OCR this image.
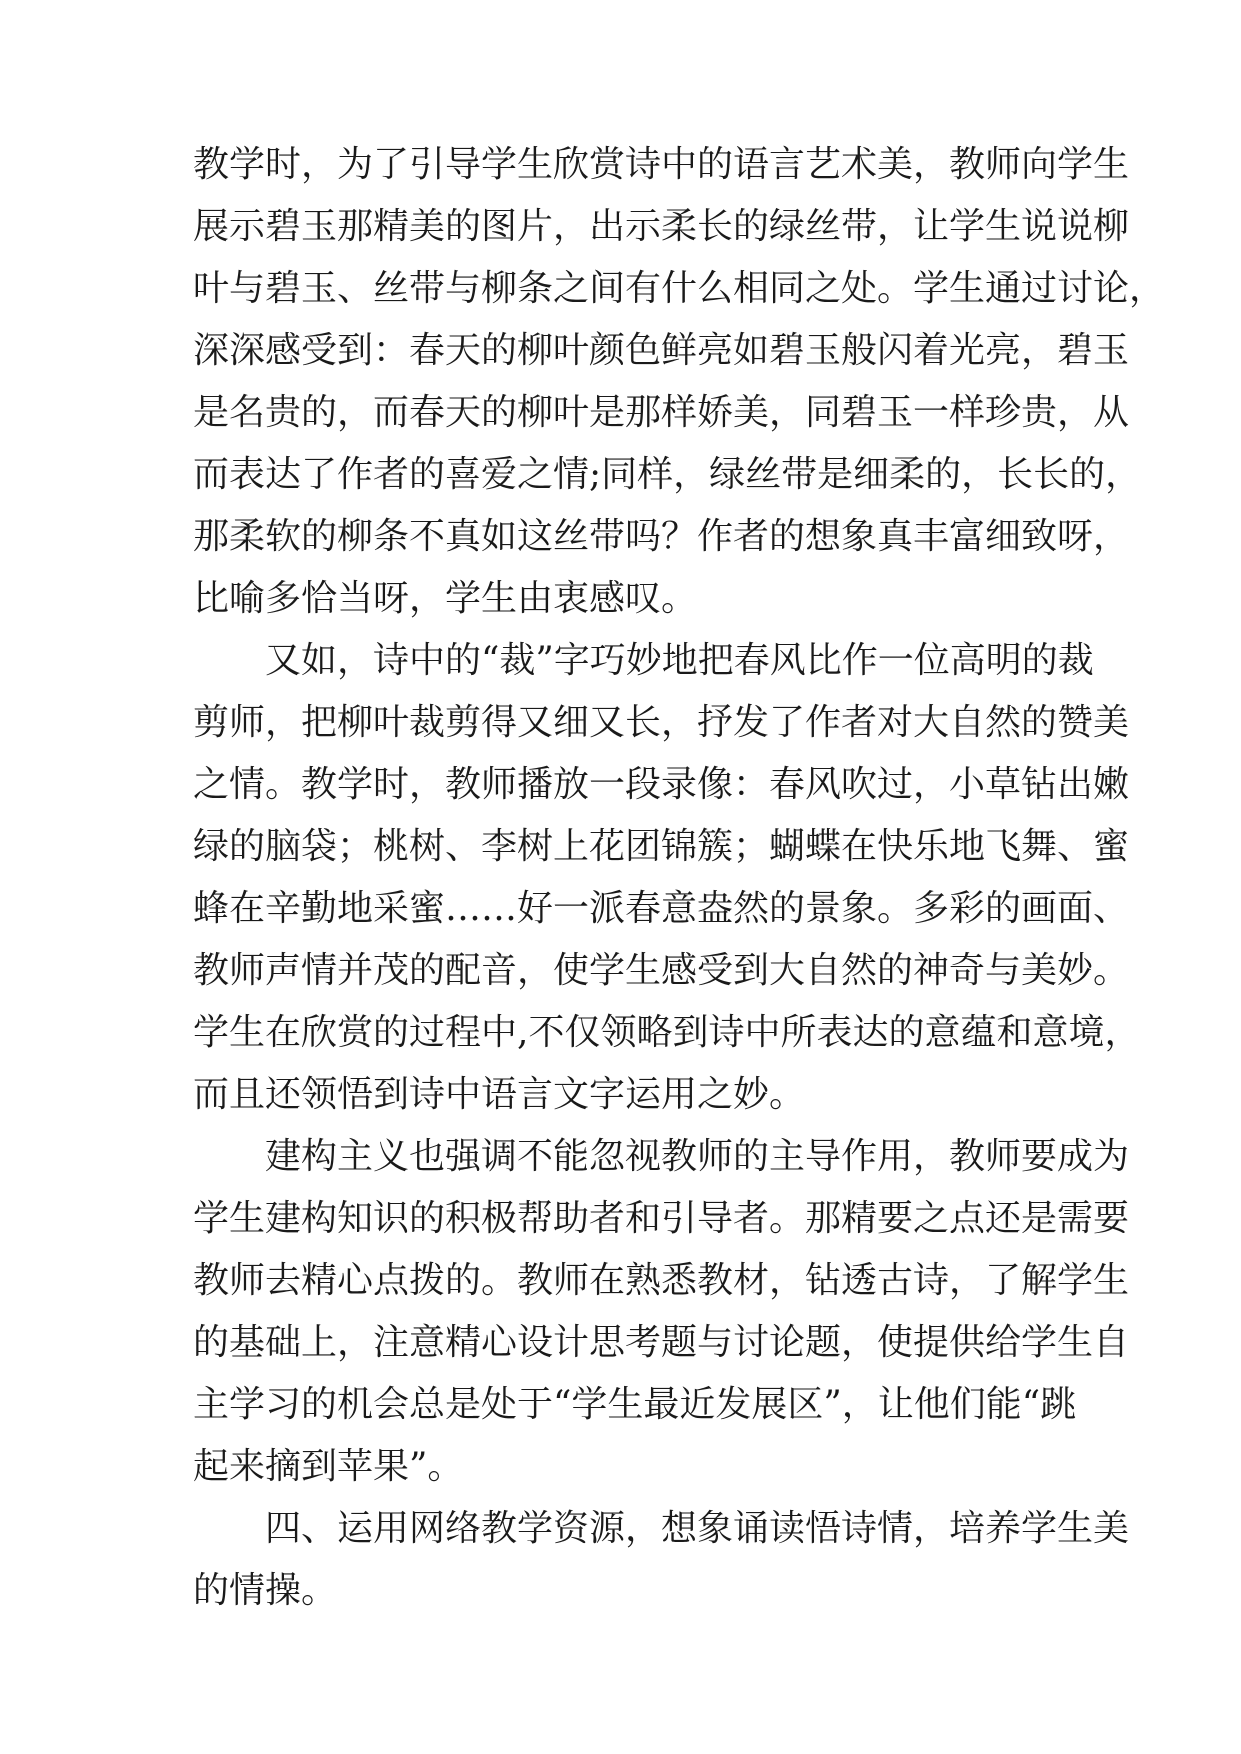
教学时，为了引导学生欣赏诗中的语言艺术美，教师向学生
展示碧玉那精美的图片，出示柔长的绿丝带，让学生说说柳
叶与碧玉、丝带与柳条之间有什么相同之处。学生通过讨论，
深深感受到：春天的柳叶颜色鲜亮如碧玉般闪着光亮，碧玉
是名贵的，而春天的柳叶是那样娇美，同碧玉一样珍贵，从
而表达了作者的喜爱之情;同样，绿丝带是细柔的，长长的，
那柔软的柳条不真如这丝带吗？作者的想象真丰富细致呀，
比喻多恰当呀，学生由衷感叹。
又如，诗中的“裁”字巧妙地把春风比作一位高明的裁
剪师，把柳叶裁剪得又细又长，抒发了作者对大自然的赞美
之情。教学时，教师播放一段录像：春风吹过，小草钻出嫩
绿的脑袋；桃树、李树上花团锦簇；蝴蝶在快乐地飞舞、蜜
蜂在辛勤地采蜜……好一派春意盎然的景象。多彩的画面、
教师声情并茂的配音，使学生感受到大自然的神奇与美妙。
学生在欣赏的过程中,不仅领略到诗中所表达的意蕴和意境，
而且还领悟到诗中语言文字运用之妙。
建构主义也强调不能忽视教师的主导作用，教师要成为
学生建构知识的积极帮助者和引导者。那精要之点还是需要
教师去精心点拨的。教师在熟悉教材，钻透古诗，了解学生
的基础上，注意精心设计思考题与讨论题，使提供给学生自
主学习的机会总是处于“学生最近发展区”，让他们能“跳
起来摘到苹果”。
四、运用网络教学资源，想象诵读悟诗情，培养学生美
的情操。
